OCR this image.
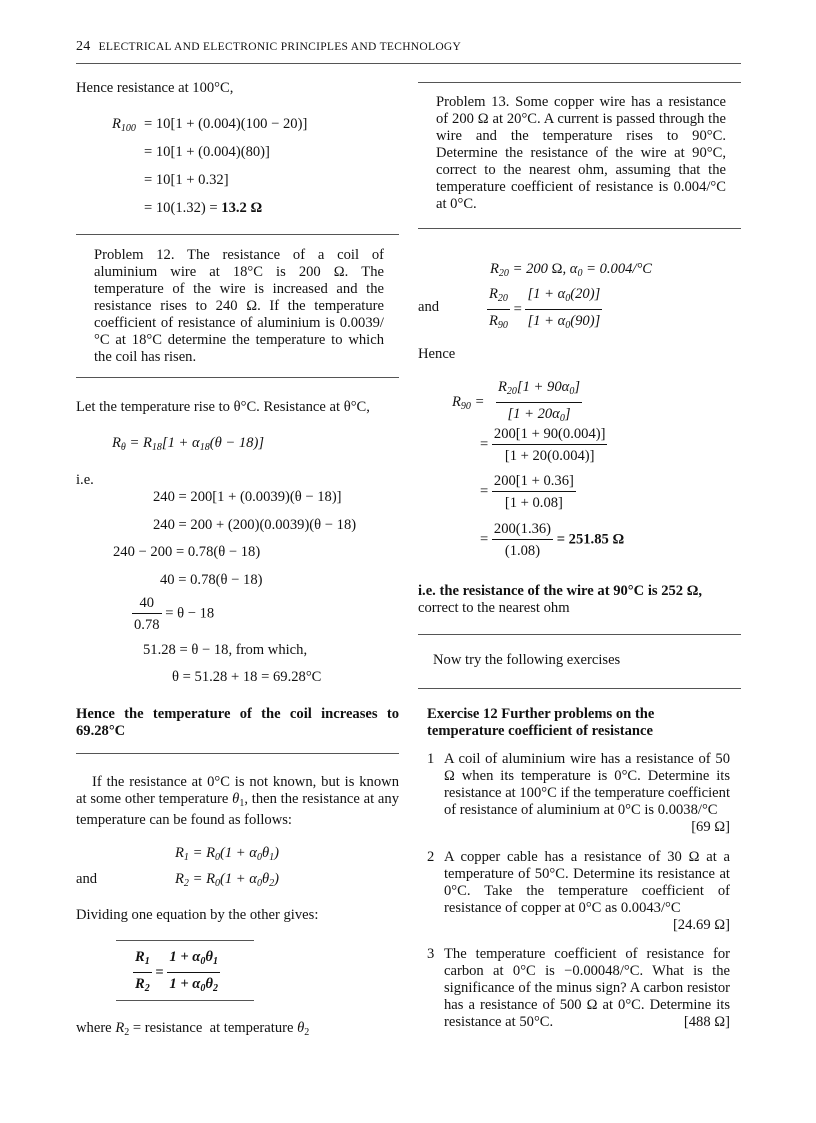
24 ELECTRICAL AND ELECTRONIC PRINCIPLES AND TECHNOLOGY
Hence resistance at 100°C,
$R_{100} = 10[1 + (0.004)(100 - 20)]$
= 10[1 + (0.004)(80)]
= 10[1 + 0.32]
= 10(1.32) = 13.2 Ω
Problem 12. The resistance of a coil of aluminium wire at 18°C is 200 Ω. The temperature of the wire is increased and the resistance rises to 240 Ω. If the temperature coefficient of resistance of aluminium is 0.0039/°C at 18°C determine the temperature to which the coil has risen.
Let the temperature rise to θ°C. Resistance at θ°C,
$R_\theta = R_{18}[1 + \alpha_{18}(\theta - 18)]$
i.e.
240 = 200[1 + (0.0039)(θ − 18)]
240 = 200 + (200)(0.0039)(θ − 18)
240 − 200 = 0.78(θ − 18)
40 = 0.78(θ − 18)
$\frac{40}{0.78} = \theta - 18$
51.28 = θ − 18, from which,
θ = 51.28 + 18 = 69.28°C
Hence the temperature of the coil increases to 69.28°C
If the resistance at 0°C is not known, but is known at some other temperature $\theta_1$, then the resistance at any temperature can be found as follows:
$R_1 = R_0(1 + \alpha_0\theta_1)$
and	$R_2 = R_0(1 + \alpha_0\theta_2)$
Dividing one equation by the other gives:
$\frac{R_1}{R_2} = \frac{1 + \alpha_0\theta_1}{1 + \alpha_0\theta_2}$
where $R_2$ = resistance  at temperature $\theta_2$
Problem 13. Some copper wire has a resistance of 200 Ω at 20°C. A current is passed through the wire and the temperature rises to 90°C. Determine the resistance of the wire at 90°C, correct to the nearest ohm, assuming that the temperature coefficient of resistance is 0.004/°C at 0°C.
$R_{20} = 200$ Ω, $\alpha_0 = 0.004/^\circ C$
and	$\frac{R_{20}}{R_{90}} = \frac{[1 + \alpha_0(20)]}{[1 + \alpha_0(90)]}$
Hence
$R_{90} = \frac{R_{20}[1 + 90\alpha_0]}{[1 + 20\alpha_0]}$
= $\frac{200[1 + 90(0.004)]}{[1 + 20(0.004)]}$
= $\frac{200[1 + 0.36]}{[1 + 0.08]}$
= $\frac{200(1.36)}{(1.08)} = 251.85$ Ω
i.e. the resistance of the wire at 90°C is 252 Ω,
correct to the nearest ohm
Now try the following exercises
Exercise 12 Further problems on the temperature coefficient of resistance
1 A coil of aluminium wire has a resistance of 50 Ω when its temperature is 0°C. Determine its resistance at 100°C if the temperature coefficient of resistance of aluminium at 0°C is 0.0038/°C
[69 Ω]
2 A copper cable has a resistance of 30 Ω at a temperature of 50°C. Determine its resistance at 0°C. Take the temperature coefficient of resistance of copper at 0°C as 0.0043/°C
[24.69 Ω]
3 The temperature coefficient of resistance for carbon at 0°C is −0.00048/°C. What is the significance of the minus sign? A carbon resistor has a resistance of 500 Ω at 0°C. Determine its resistance at 50°C.	[488 Ω]
